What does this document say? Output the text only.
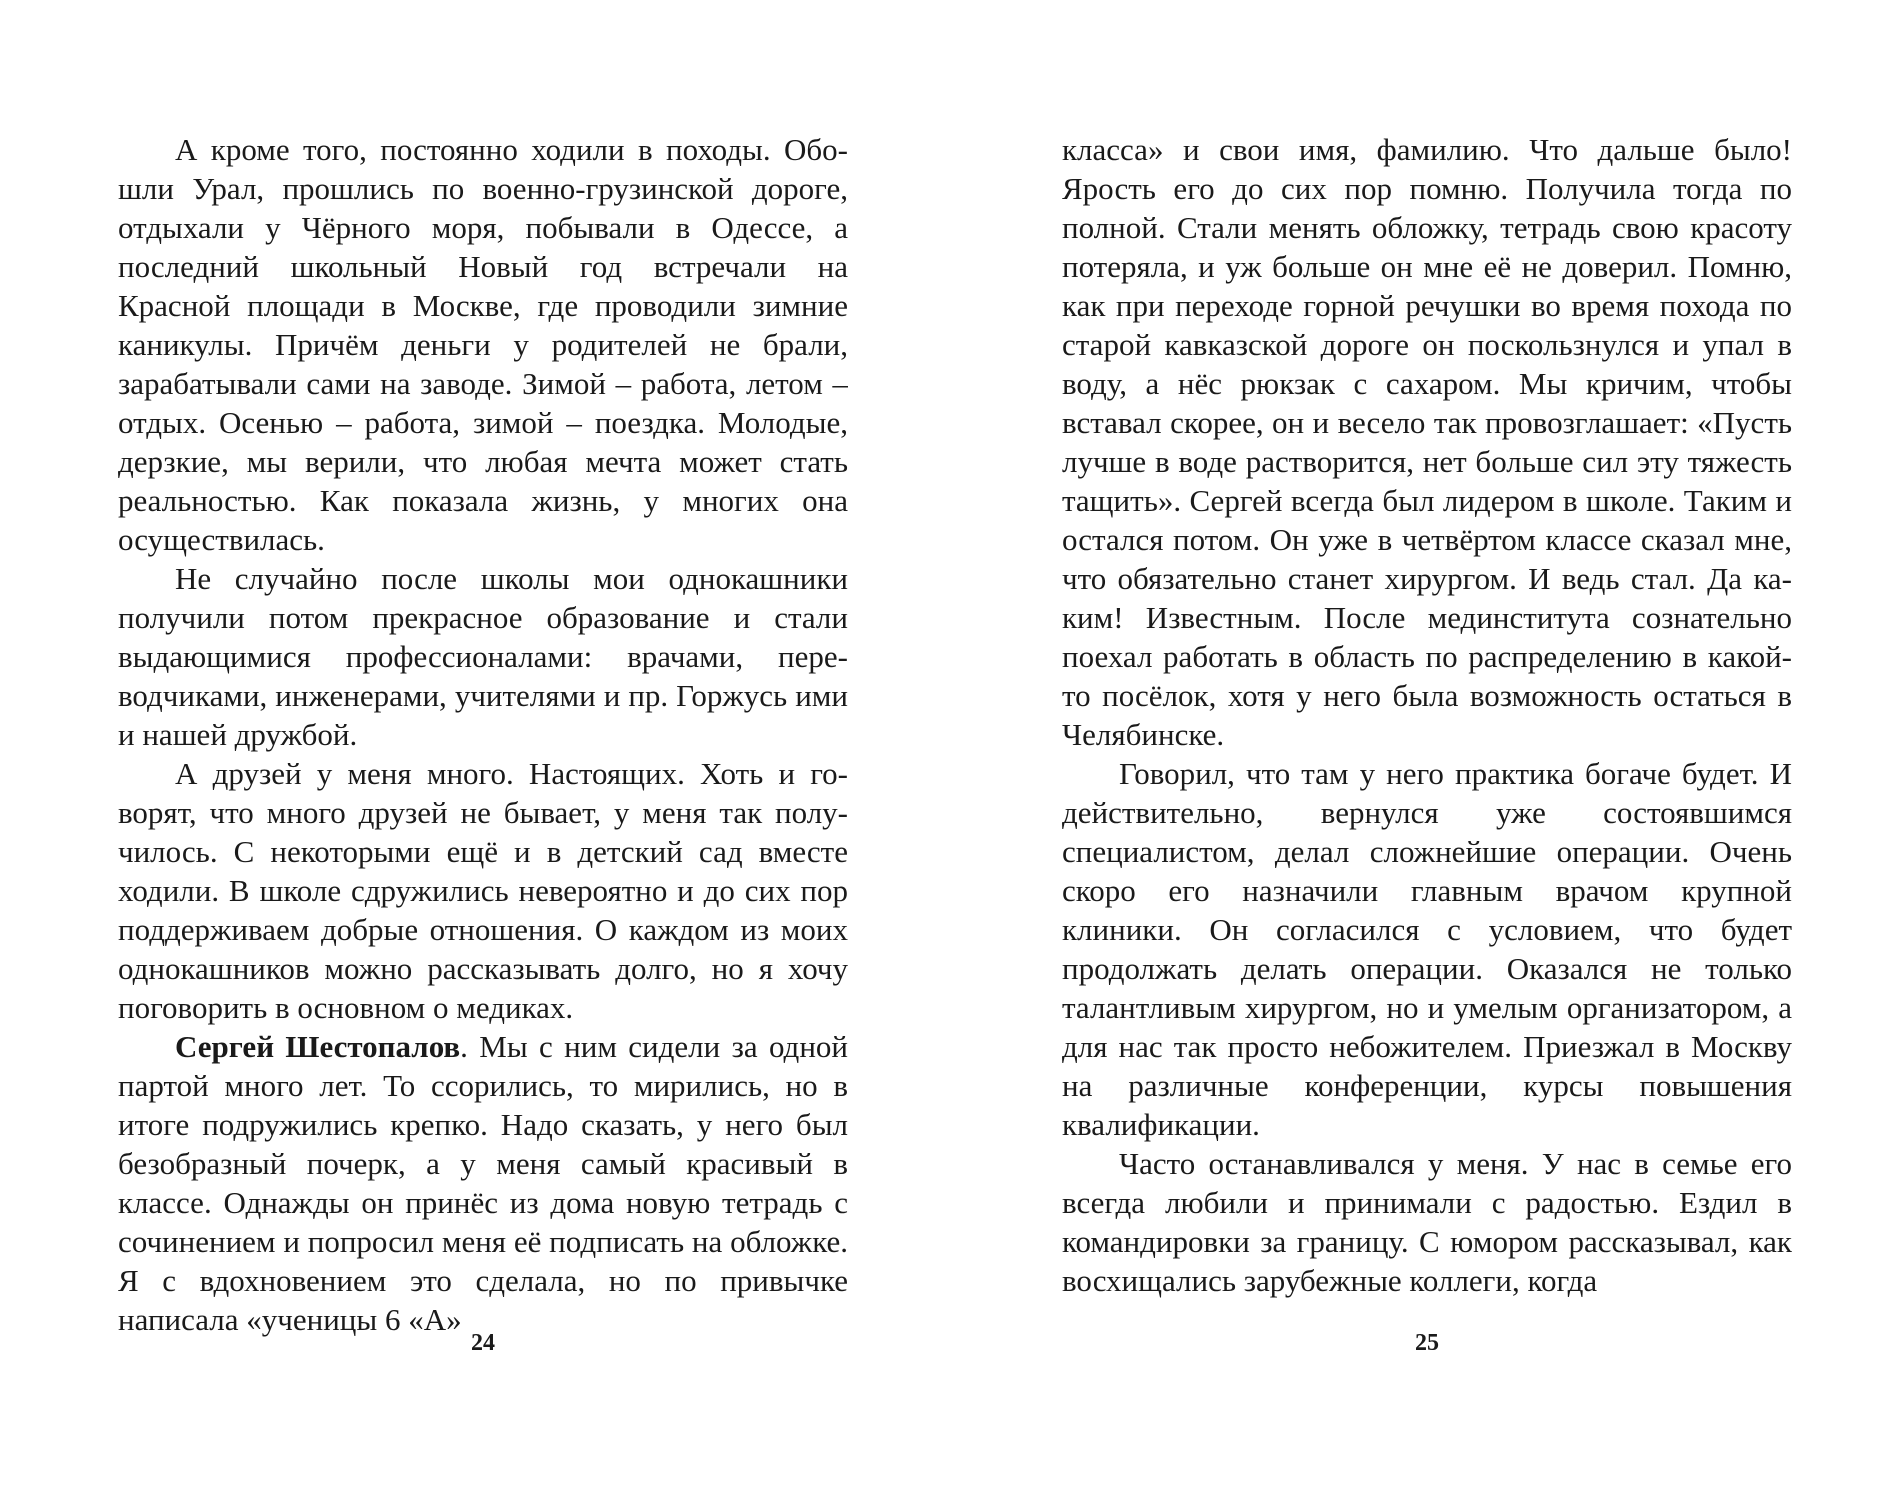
А кроме того, постоянно ходили в походы. Обошли Урал, прошлись по военно-грузинской дороге, отдыхали у Чёрного моря, побывали в Одессе, а последний школьный Новый год встречали на Красной площади в Москве, где проводили зимние каникулы. Причём деньги у родителей не брали, зарабатывали сами на заводе. Зимой – работа, летом – отдых. Осенью – работа, зимой – поездка. Молодые, дерзкие, мы верили, что любая мечта может стать реальностью. Как показала жизнь, у многих она осуществилась.

Не случайно после школы мои однокашники получили потом прекрасное образование и стали выдающимися профессионалами: врачами, переводчиками, инженерами, учителями и пр. Горжусь ими и нашей дружбой.

А друзей у меня много. Настоящих. Хоть и говорят, что много друзей не бывает, у меня так получилось. С некоторыми ещё и в детский сад вместе ходили. В школе сдружились невероятно и до сих пор поддерживаем добрые отношения. О каждом из моих однокашников можно рассказывать долго, но я хочу поговорить в основном о медиках.

Сергей Шестопалов. Мы с ним сидели за одной партой много лет. То ссорились, то мирились, но в итоге подружились крепко. Надо сказать, у него был безобразный почерк, а у меня самый красивый в классе. Однажды он принёс из дома новую тетрадь с сочинением и попросил меня её подписать на обложке. Я с вдохновением это сделала, но по привычке написала «ученицы 6 «А»

24

класса» и свои имя, фамилию. Что дальше было! Ярость его до сих пор помню. Получила тогда по полной. Стали менять обложку, тетрадь свою красоту потеряла, и уж больше он мне её не доверил. Помню, как при переходе горной речушки во время похода по старой кавказской дороге он поскользнулся и упал в воду, а нёс рюкзак с сахаром. Мы кричим, чтобы вставал скорее, он и весело так провозглашает: «Пусть лучше в воде растворится, нет больше сил эту тяжесть тащить». Сергей всегда был лидером в школе. Таким и остался потом. Он уже в четвёртом классе сказал мне, что обязательно станет хирургом. И ведь стал. Да каким! Известным. После мединститута сознательно поехал работать в область по распределению в какой-то посёлок, хотя у него была возможность остаться в Челябинске.

Говорил, что там у него практика богаче будет. И действительно, вернулся уже состоявшимся специалистом, делал сложнейшие операции. Очень скоро его назначили главным врачом крупной клиники. Он согласился с условием, что будет продолжать делать операции. Оказался не только талантливым хирургом, но и умелым организатором, а для нас так просто небожителем. Приезжал в Москву на различные конференции, курсы повышения квалификации.

Часто останавливался у меня. У нас в семье его всегда любили и принимали с радостью. Ездил в командировки за границу. С юмором рассказывал, как восхищались зарубежные коллеги, когда

25
